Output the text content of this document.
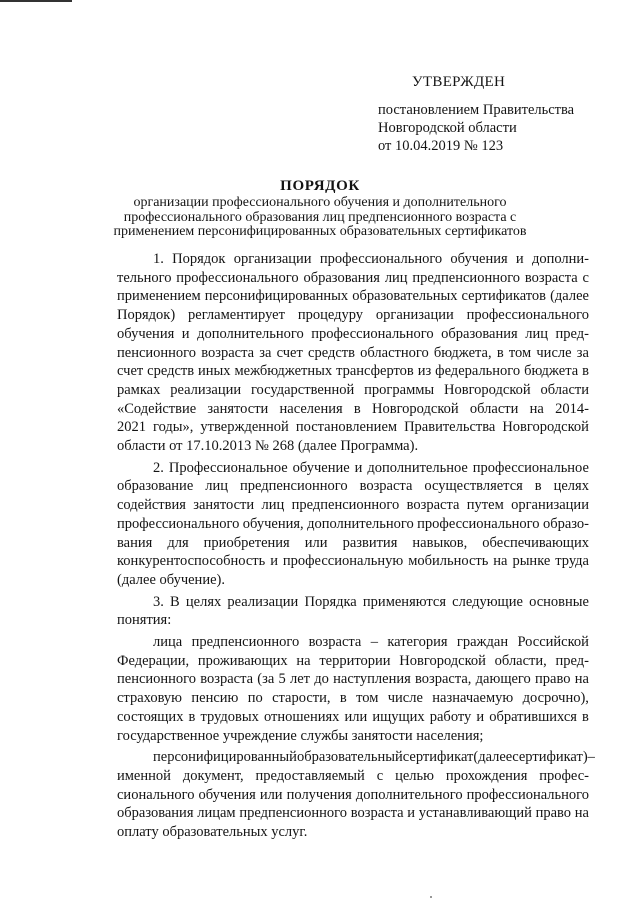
УТВЕРЖДЕН
постановлением Правительства
Новгородской области
от 10.04.2019 № 123
ПОРЯДОК
организации профессионального обучения и дополнительного
профессионального образования лиц предпенсионного возраста с
применением персонифицированных образовательных сертификатов
1. Порядок организации профессионального обучения и дополни-
тельного профессионального образования лиц предпенсионного возраста с
применением персонифицированных образовательных сертификатов (далее
Порядок) регламентирует процедуру организации профессионального
обучения и дополнительного профессионального образования лиц пред-
пенсионного возраста за счет средств областного бюджета, в том числе за
счет средств иных межбюджетных трансфертов из федерального бюджета в
рамках реализации государственной программы Новгородской области
«Содействие занятости населения в Новгородской области на 2014-
2021 годы», утвержденной постановлением Правительства Новгородской
области от 17.10.2013 № 268 (далее Программа).
2. Профессиональное обучение и дополнительное профессиональное
образование лиц предпенсионного возраста осуществляется в целях
содействия занятости лиц предпенсионного возраста путем организации
профессионального обучения, дополнительного профессионального образо-
вания для приобретения или развития навыков, обеспечивающих
конкурентоспособность и профессиональную мобильность на рынке труда
(далее обучение).
3. В целях реализации Порядка применяются следующие основные
понятия:
лица предпенсионного возраста – категория граждан Российской
Федерации, проживающих на территории Новгородской области, пред-
пенсионного возраста (за 5 лет до наступления возраста, дающего право на
страховую пенсию по старости, в том числе назначаемую досрочно),
состоящих в трудовых отношениях или ищущих работу и обратившихся в
государственное учреждение службы занятости населения;
персонифицированный образовательный сертификат (далее сертификат) –
именной документ, предоставляемый с целью прохождения профес-
сионального обучения или получения дополнительного профессионального
образования лицам предпенсионного возраста и устанавливающий право на
оплату образовательных услуг.
